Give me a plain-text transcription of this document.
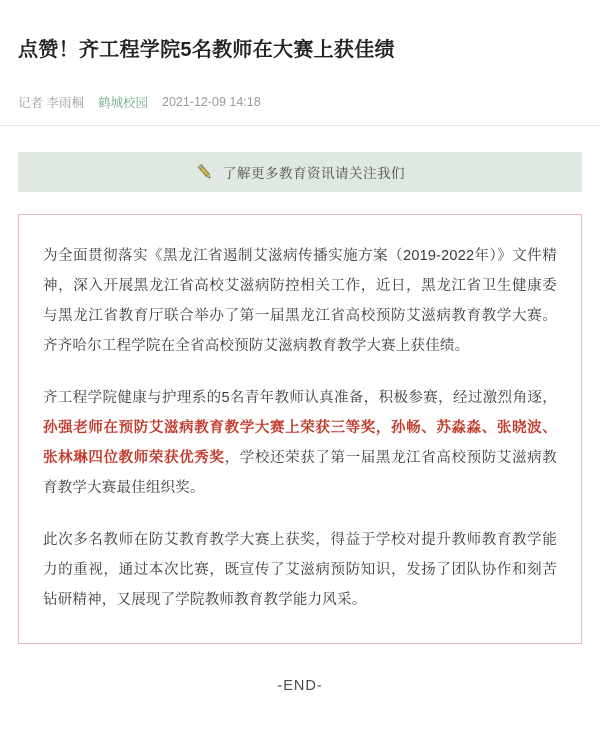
点赞！齐工程学院5名教师在大赛上获佳绩
记者 李雨桐 鹤城校园 2021-12-09 14:18
了解更多教育资讯请关注我们

为全面贯彻落实《黑龙江省遏制艾滋病传播实施方案（2019-2022年）》文件精神，深入开展黑龙江省高校艾滋病防控相关工作，近日，黑龙江省卫生健康委与黑龙江省教育厅联合举办了第一届黑龙江省高校预防艾滋病教育教学大赛。齐齐哈尔工程学院在全省高校预防艾滋病教育教学大赛上获佳绩。

齐工程学院健康与护理系的5名青年教师认真准备，积极参赛，经过激烈角逐，孙强老师在预防艾滋病教育教学大赛上荣获三等奖，孙畅、苏淼淼、张晓波、张林琳四位教师荣获优秀奖，学校还荣获了第一届黑龙江省高校预防艾滋病教育教学大赛最佳组织奖。

此次多名教师在防艾教育教学大赛上获奖，得益于学校对提升教师教育教学能力的重视，通过本次比赛，既宣传了艾滋病预防知识，发扬了团队协作和刻苦钻研精神，又展现了学院教师教育教学能力风采。

-END-
